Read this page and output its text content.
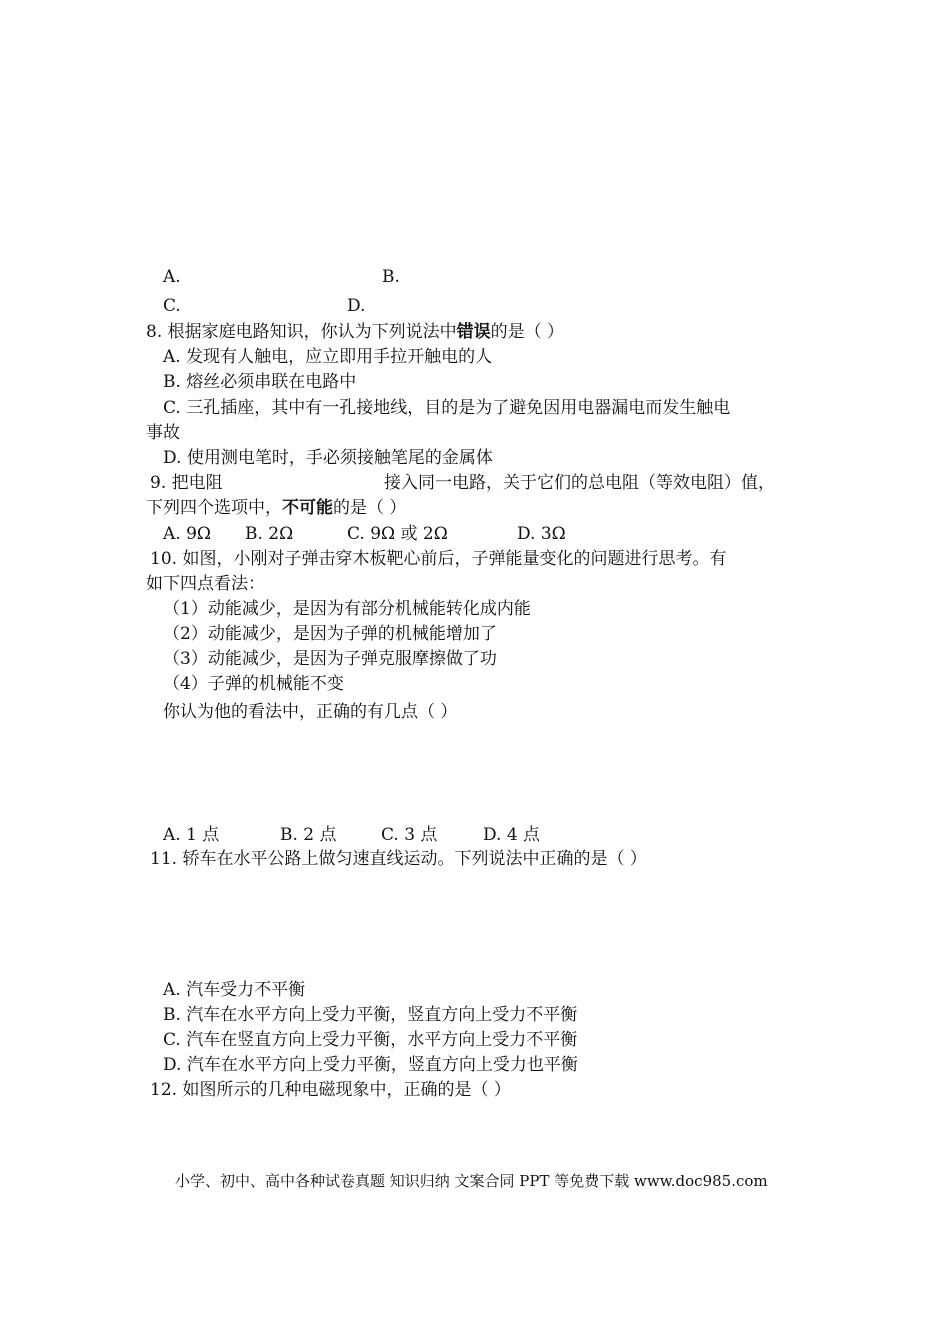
A.	B.
C.	D.
8. 根据家庭电路知识，你认为下列说法中错误的是（ ）
A. 发现有人触电，应立即用手拉开触电的人
B. 熔丝必须串联在电路中
C. 三孔插座，其中有一孔接地线，目的是为了避免因用电器漏电而发生触电
事故
D. 使用测电笔时，手必须接触笔尾的金属体
9. 把电阻	接入同一电路，关于它们的总电阻（等效电阻）值，
下列四个选项中，不可能的是（ ）
A. 9Ω B. 2Ω	C. 9Ω 或 2Ω	D. 3Ω
10. 如图，小刚对子弹击穿木板靶心前后，子弹能量变化的问题进行思考。有
如下四点看法：
（1）动能减少，是因为有部分机械能转化成内能
（2）动能减少，是因为子弹的机械能增加了
（3）动能减少，是因为子弹克服摩擦做了功
（4）子弹的机械能不变
你认为他的看法中，正确的有几点（ ）
A. 1 点	B. 2 点	C. 3 点	D. 4 点
11. 轿车在水平公路上做匀速直线运动。下列说法中正确的是（ ）
A. 汽车受力不平衡
B. 汽车在水平方向上受力平衡，竖直方向上受力不平衡
C. 汽车在竖直方向上受力平衡，水平方向上受力不平衡
D. 汽车在水平方向上受力平衡，竖直方向上受力也平衡
12. 如图所示的几种电磁现象中，正确的是（ ）
小学、初中、高中各种试卷真题 知识归纳 文案合同 PPT 等免费下载 www.doc985.com
